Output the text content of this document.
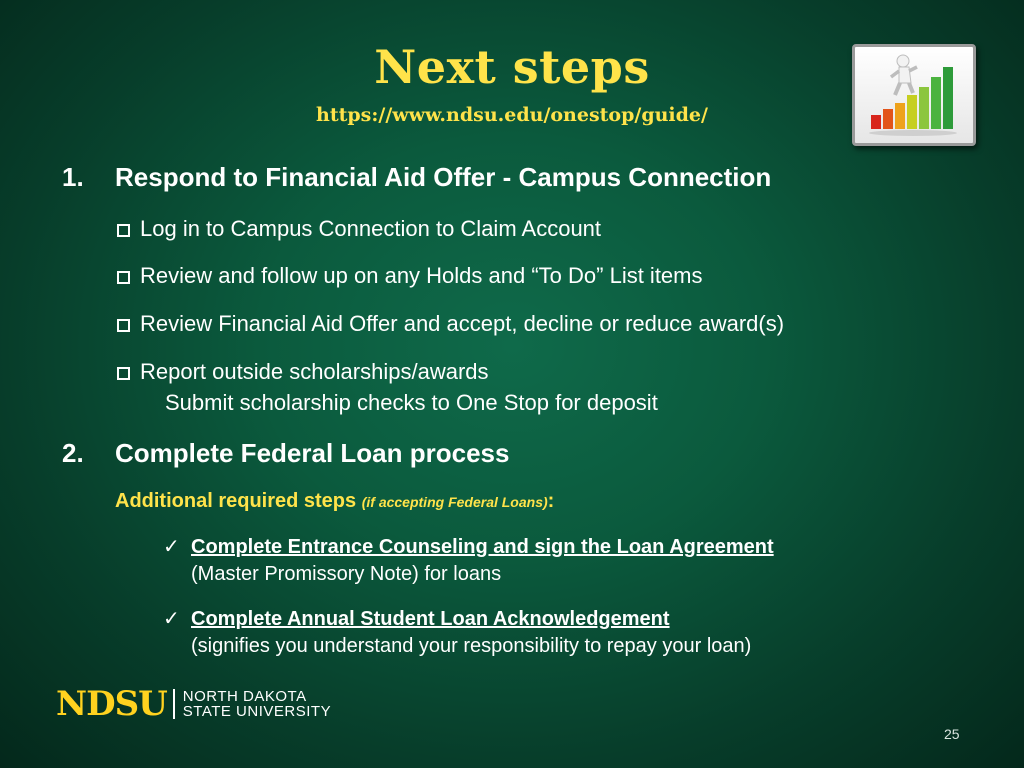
Next steps
https://www.ndsu.edu/onestop/guide/
1. Respond to Financial Aid Offer - Campus Connection
Log in to Campus Connection to Claim Account
Review and follow up on any Holds and “To Do” List items
Review Financial Aid Offer and accept, decline or reduce award(s)
Report outside scholarships/awards
Submit scholarship checks to One Stop for deposit
2. Complete Federal Loan process
Additional required steps (if accepting Federal Loans):
✓ Complete Entrance Counseling and sign the Loan Agreement
(Master Promissory Note) for loans
✓ Complete Annual Student Loan Acknowledgement
(signifies you understand your responsibility to repay your loan)
NDSU NORTH DAKOTA
STATE UNIVERSITY
25
